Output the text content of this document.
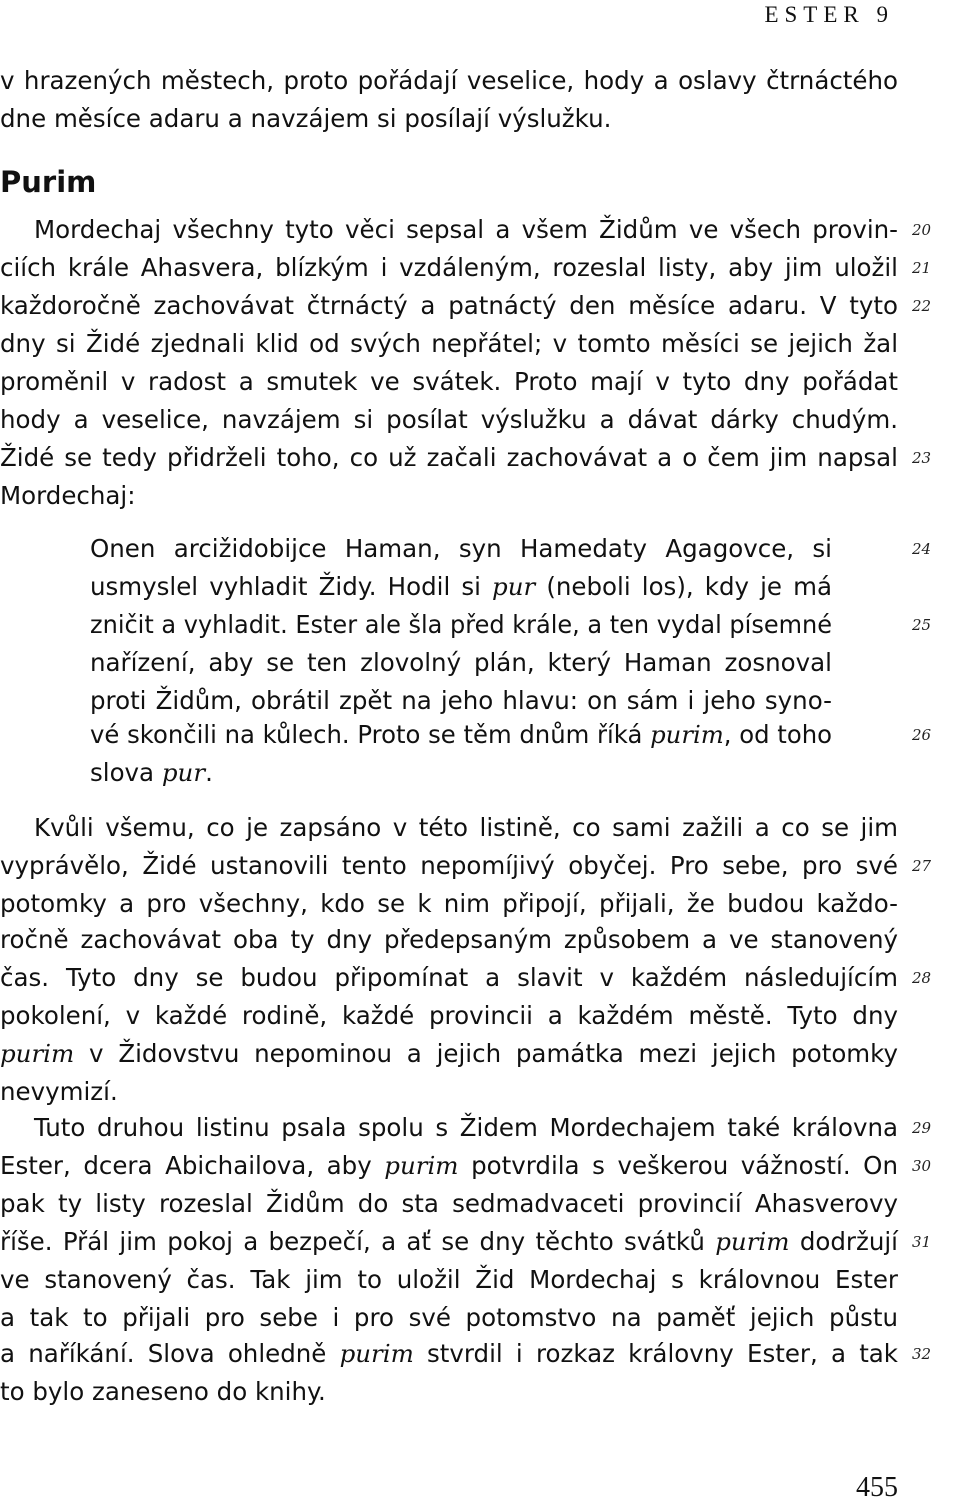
ESTER 9
v hrazených městech, proto pořádají veselice, hody a oslavy čtrnáctého
dne měsíce adaru a navzájem si posílají výslužku.
Purim
Mordechaj všechny tyto věci sepsal a všem Židům ve všech provin-
ciích krále Ahasvera, blízkým i vzdáleným, rozeslal listy, aby jim uložil
každoročně zachovávat čtrnáctý a patnáctý den měsíce adaru. V tyto
dny si Židé zjednali klid od svých nepřátel; v tomto měsíci se jejich žal
proměnil v radost a smutek ve svátek. Proto mají v tyto dny pořádat
hody a veselice, navzájem si posílat výslužku a dávat dárky chudým.
Židé se tedy přidrželi toho, co už začali zachovávat a o čem jim napsal
Mordechaj:
Onen arcižidobijce Haman, syn Hamedaty Agagovce, si
usmyslel vyhladit Židy. Hodil si pur (neboli los), kdy je má
zničit a vyhladit. Ester ale šla před krále, a ten vydal písemné
nařízení, aby se ten zlovolný plán, který Haman zosnoval
proti Židům, obrátil zpět na jeho hlavu: on sám i jeho syno-
vé skončili na kůlech. Proto se těm dnům říká purim, od toho
slova pur.
Kvůli všemu, co je zapsáno v této listině, co sami zažili a co se jim
vyprávělo, Židé ustanovili tento nepomíjivý obyčej. Pro sebe, pro své
potomky a pro všechny, kdo se k nim připojí, přijali, že budou každo-
ročně zachovávat oba ty dny předepsaným způsobem a ve stanovený
čas. Tyto dny se budou připomínat a slavit v každém následujícím
pokolení, v každé rodině, každé provincii a každém městě. Tyto dny
purim v Židovstvu nepominou a jejich památka mezi jejich potomky
nevymizí.
Tuto druhou listinu psala spolu s Židem Mordechajem také královna
Ester, dcera Abichailova, aby purim potvrdila s veškerou vážností. On
pak ty listy rozeslal Židům do sta sedmadvaceti provincií Ahasverovy
říše. Přál jim pokoj a bezpečí, a ať se dny těchto svátků purim dodržují
ve stanovený čas. Tak jim to uložil Žid Mordechaj s královnou Ester
a tak to přijali pro sebe i pro své potomstvo na paměť jejich půstu
a naříkání. Slova ohledně purim stvrdil i rozkaz královny Ester, a tak
to bylo zaneseno do knihy.
20
21
22
23
24
25
26
27
28
29
30
31
32
455
